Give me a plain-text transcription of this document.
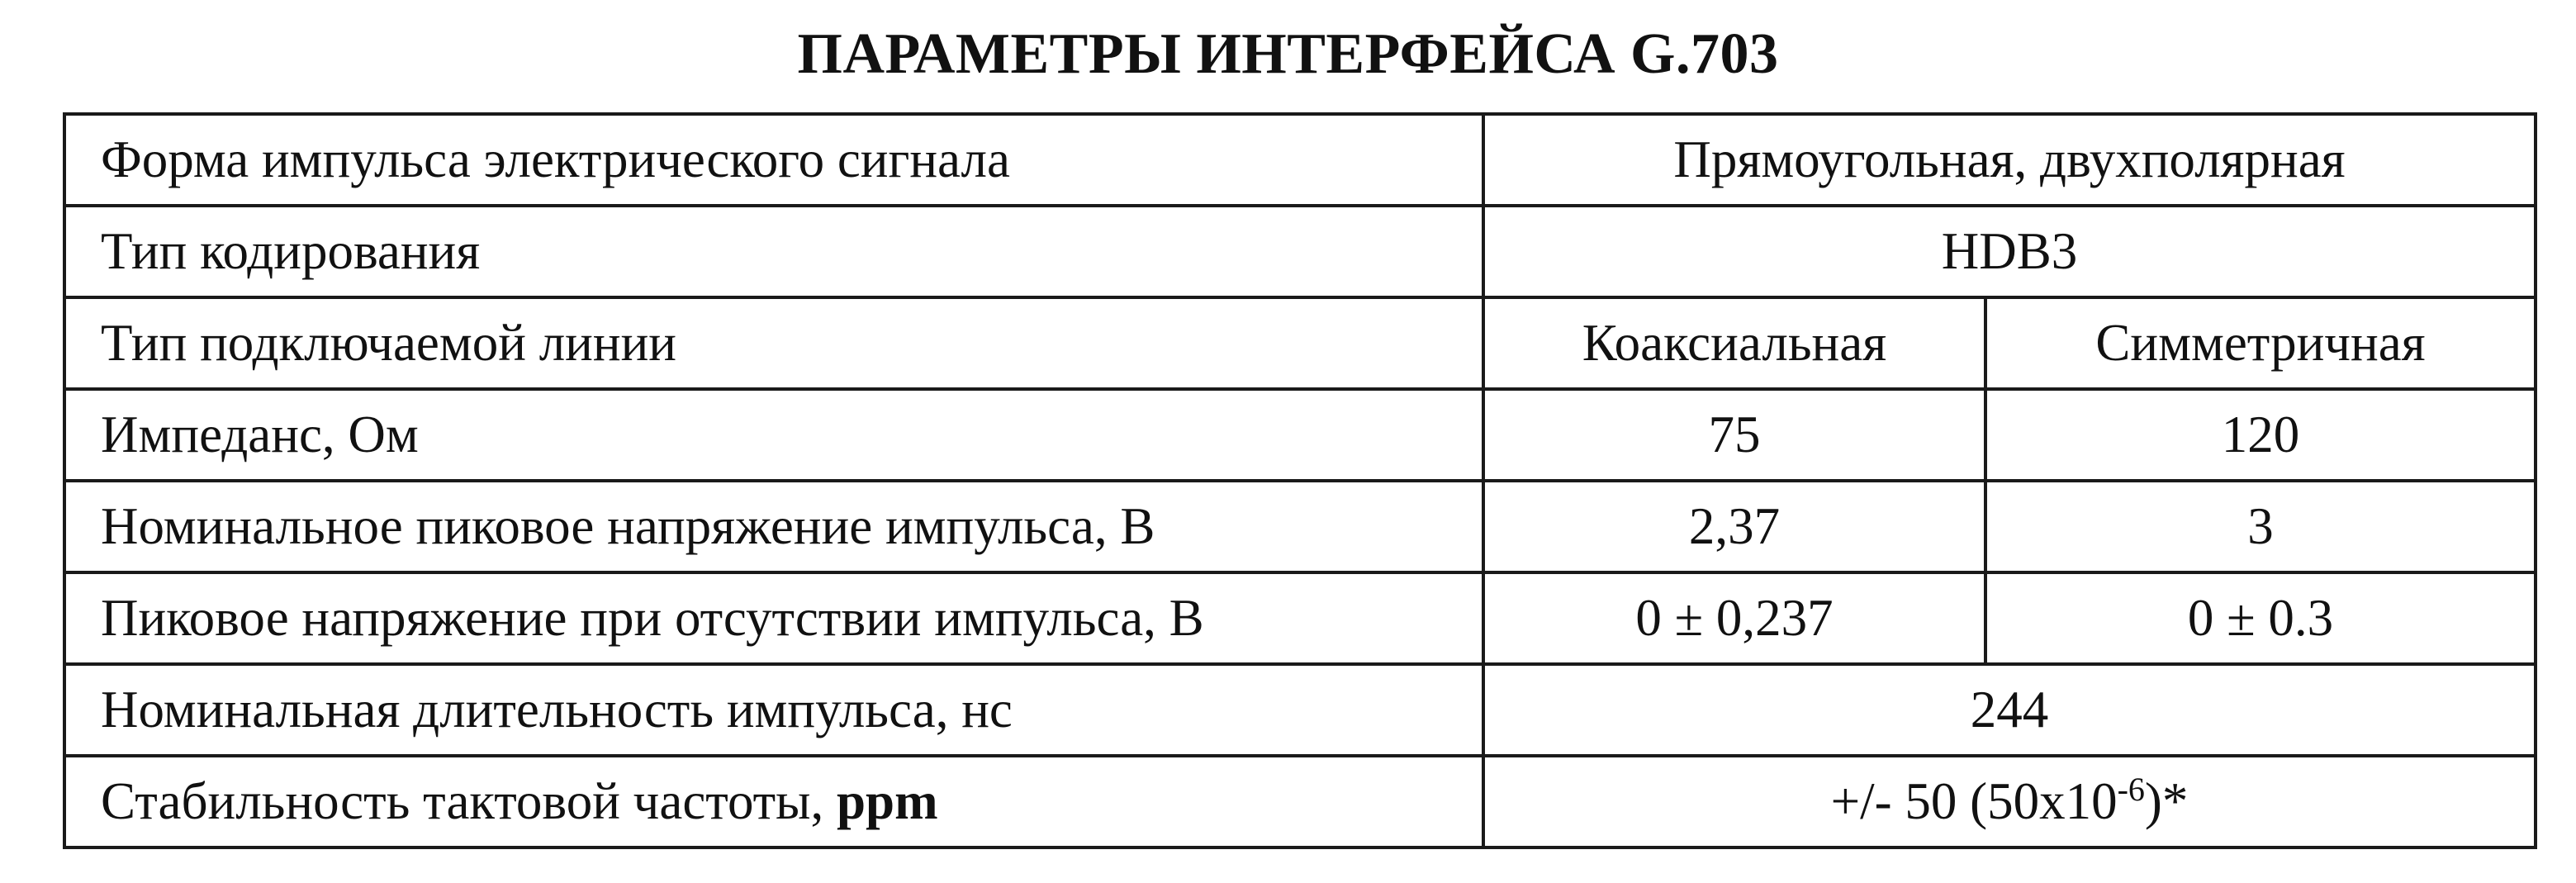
ПАРАМЕТРЫ ИНТЕРФЕЙСА G.703
Форма импульса электрического сигнала	Прямоугольная, двухполярная	
Тип кодирования	HDB3	
Тип подключаемой линии	Коаксиальная	Симметричная
Импеданс, Ом	75	120
Номинальное пиковое напряжение импульса, В	2,37	3
Пиковое напряжение при отсутствии импульса, В	0 ± 0,237	0 ± 0.3
Номинальная длительность импульса, нс	244	
Стабильность тактовой частоты, ppm	+/- 50 $(50x10^{-6})*$	
